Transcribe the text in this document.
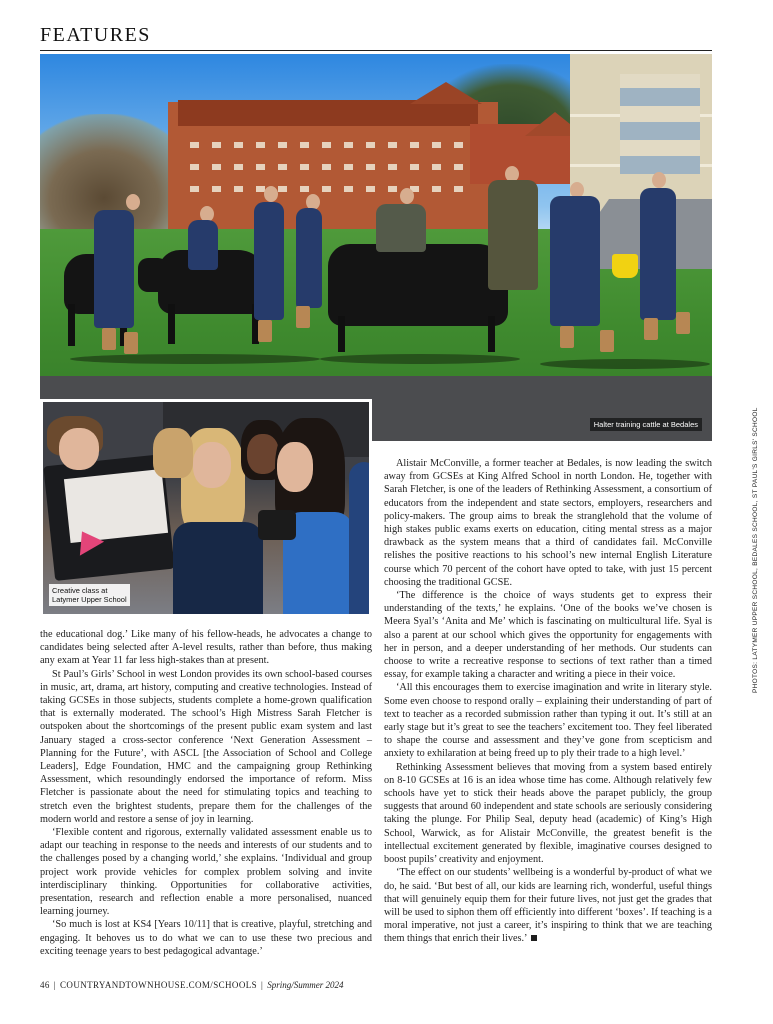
FEATURES
Halter training cattle at Bedales
Creative class at
Latymer Upper School

the educational dog.’ Like many of his fellow-heads, he advocates a change to candidates being selected after A-level results, rather than before, thus making any exam at Year 11 far less high-stakes than at present.

St Paul’s Girls’ School in west London provides its own school-based courses in music, art, drama, art history, computing and creative technologies. Instead of taking GCSEs in those subjects, students complete a home-grown qualification that is externally moderated. The school’s High Mistress Sarah Fletcher is outspoken about the shortcomings of the present public exam system and last January staged a cross-sector conference ‘Next Generation Assessment – Planning for the Future’, with ASCL [the Association of School and College Leaders], Edge Foundation, HMC and the campaigning group Rethinking Assessment, which resoundingly endorsed the importance of reform. Miss Fletcher is passionate about the need for stimulating topics and teaching to stretch even the brightest students, prepare them for the challenges of the modern world and restore a sense of joy in learning.

‘Flexible content and rigorous, externally validated assessment enable us to adapt our teaching in response to the needs and interests of our students and to the challenges posed by a changing world,’ she explains. ‘Individual and group project work provide vehicles for complex problem solving and invite interdisciplinary thinking. Opportunities for collaborative activities, presentation, research and reflection enable a more personalised, nuanced learning journey.

‘So much is lost at KS4 [Years 10/11] that is creative, playful, stretching and engaging. It behoves us to do what we can to use these two precious and exciting teenage years to best pedagogical advantage.’

Alistair McConville, a former teacher at Bedales, is now leading the switch away from GCSEs at King Alfred School in north London. He, together with Sarah Fletcher, is one of the leaders of Rethinking Assessment, a consortium of educators from the independent and state sectors, employers, researchers and policy-makers. The group aims to break the stranglehold that the volume of high stakes public exams exerts on education, citing mental stress as a major drawback as the system means that a third of candidates fail. McConville relishes the positive reactions to his school’s new internal English Literature course which 70 percent of the cohort have opted to take, with just 15 percent choosing the traditional GCSE.

‘The difference is the choice of ways students get to express their understanding of the texts,’ he explains. ‘One of the books we’ve chosen is Meera Syal’s ‘Anita and Me’ which is fascinating on multicultural life. Syal is also a parent at our school which gives the opportunity for engagements with her in person, and a deeper understanding of her methods. Our students can choose to write a recreative response to sections of text rather than a timed essay, for example taking a character and writing a piece in their voice.

‘All this encourages them to exercise imagination and write in literary style. Some even choose to respond orally – explaining their understanding of part of text to teacher as a recorded submission rather than typing it out. It’s still at an early stage but it’s great to see the teachers’ excitement too. They feel liberated to shape the course and assessment and they’ve gone from scepticism and anxiety to exhilaration at being freed up to ply their trade to a high level.’

Rethinking Assessment believes that moving from a system based entirely on 8-10 GCSEs at 16 is an idea whose time has come. Although relatively few schools have yet to stick their heads above the parapet publicly, the group suggests that around 60 independent and state schools are seriously considering taking the plunge. For Philip Seal, deputy head (academic) of King’s High School, Warwick, as for Alistair McConville, the greatest benefit is the intellectual excitement generated by flexible, imaginative courses designed to boost pupils’ creativity and enjoyment.

‘The effect on our students’ wellbeing is a wonderful by-product of what we do, he said. ‘But best of all, our kids are learning rich, wonderful, useful things that will genuinely equip them for their future lives, not just get the grades that will be used to siphon them off efficiently into different ‘boxes’. If teaching is a moral imperative, not just a career, it’s inspiring to think that we are teaching them things that enrich their lives.’

PHOTOS: LATYMER UPPER SCHOOL, BEDALES SCHOOL, ST PAUL'S GIRLS' SCHOOL
46 | COUNTRYANDTOWNHOUSE.COM/SCHOOLS | Spring/Summer 2024
